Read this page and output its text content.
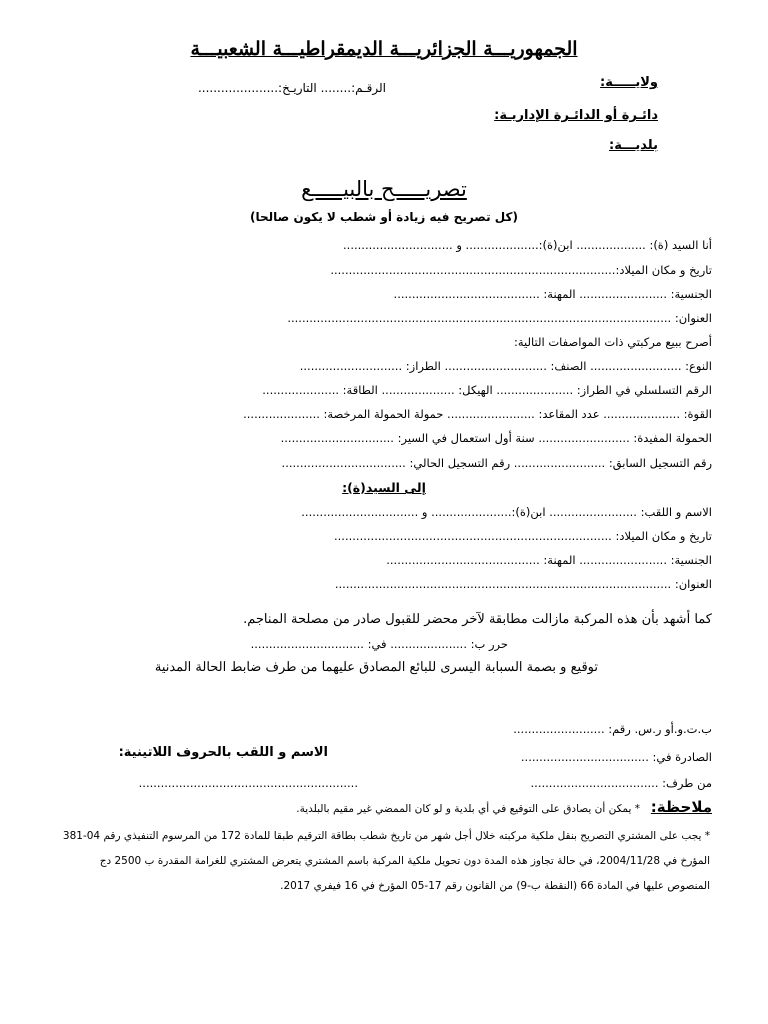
الجمهوريـــة الجزائريـــة الديمقراطيـــة الشعبيـــة
ولايـــــة:
الرقـم:........ التاريـخ:.....................
دائـرة أو الدائـرة الإداريـة:
بلديـــة:
تصريـــــح بالبيـــــع
(كل تصريح فيه زيادة أو شطب لا يكون صالحا)
أنا السيد (ة): ................... ابن(ة):.................... و ..............................
تاريخ و مكان الميلاد:..............................................................................
الجنسية: ........................ المهنة: ........................................
العنوان: .........................................................................................................
أصرح ببيع مركبتي ذات المواصفات التالية:
النوع: ......................... الصنف: ............................ الطراز: ............................
الرقم التسلسلي في الطراز: ..................... الهيكل: .................... الطاقة: .....................
القوة: ..................... عدد المقاعد: ........................ حمولة الحمولة المرخصة: .....................
الحمولة المفيدة: ......................... سنة أول استعمال في السير: ...............................
رقم التسجيل السابق: ......................... رقم التسجيل الحالي: ..................................
إلى السيد(ة):
الاسم و اللقب: ........................ ابن(ة):...................... و ................................
تاريخ و مكان الميلاد: ............................................................................
الجنسية: ........................ المهنة: ..........................................
العنوان: ............................................................................................
كما أشهد بأن هذه المركبة مازالت مطابقة لآخر محضر للقبول صادر من مصلحة المناجم.
حرر ب: ..................... في: ...............................
توقيع و بصمة السبابة اليسرى للبائع المصادق عليهما من طرف ضابط الحالة المدنية
ب.ت.و.أو ر.س. رقم: .........................
الصادرة في: ...................................
من طرف: ...................................
الاسم و اللقب بالحروف اللاتينية:
............................................................
ملاحظة:
* يمكن أن يصادق على التوقيع في أي بلدية و لو كان الممضي غير مقيم بالبلدية.
* يجب على المشتري التصريح بنقل ملكية مركبته خلال أجل شهر من تاريخ شطب بطاقة الترقيم طبقا للمادة 172 من المرسوم التنفيذي رقم 04-381 المؤرخ في 2004/11/28، في حالة تجاوز هذه المدة دون تحويل ملكية المركبة باسم المشتري يتعرض المشتري للغرامة المقدرة ب 2500 دج المنصوص عليها في المادة 66 (النقطة ب-9) من القانون رقم 17-05 المؤرخ في 16 فيفري 2017.
